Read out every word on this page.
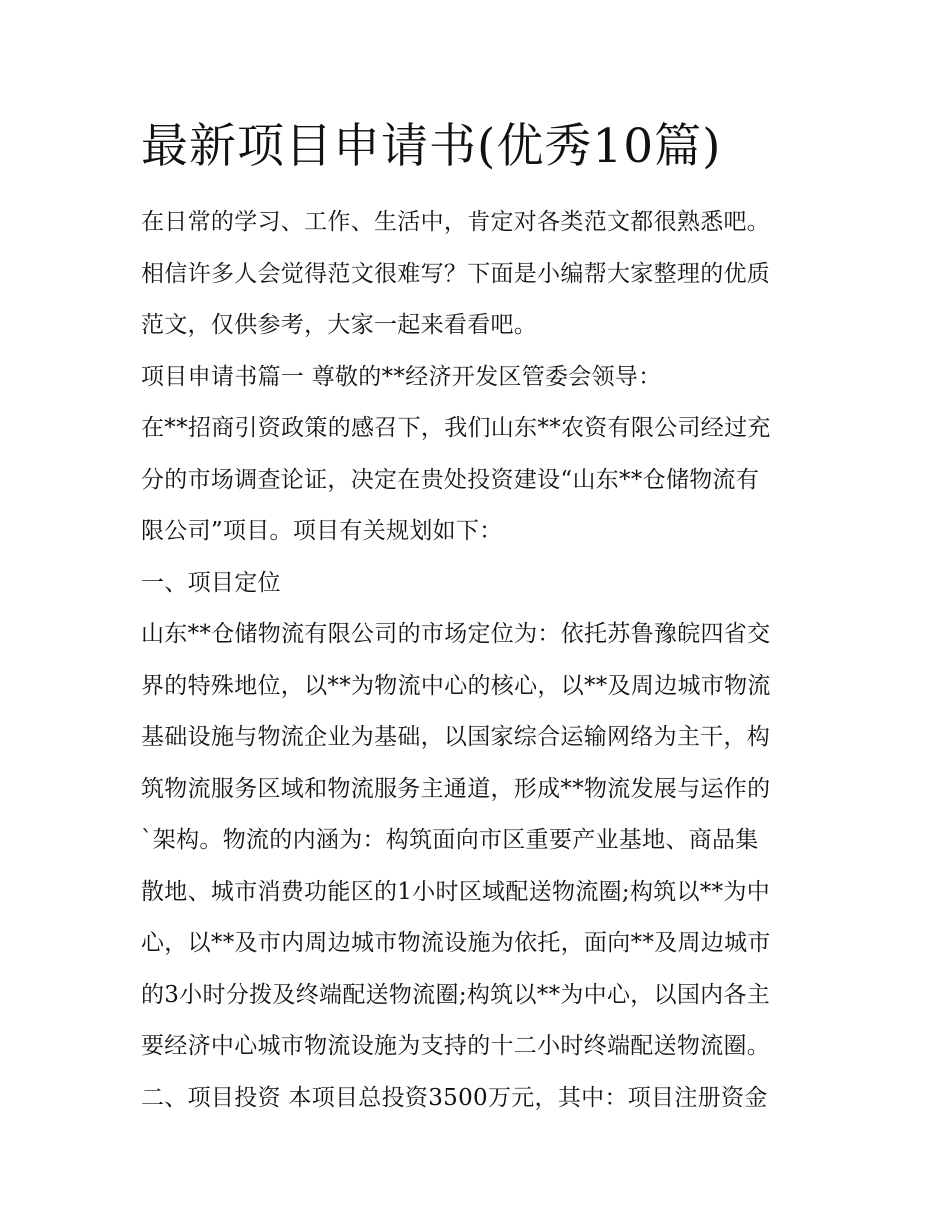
最新项目申请书(优秀10篇)
在日常的学习、工作、生活中，肯定对各类范文都很熟悉吧。
相信许多人会觉得范文很难写？下面是小编帮大家整理的优质
范文，仅供参考，大家一起来看看吧。
项目申请书篇一 尊敬的**经济开发区管委会领导：
在**招商引资政策的感召下，我们山东**农资有限公司经过充
分的市场调查论证，决定在贵处投资建设“山东**仓储物流有
限公司”项目。项目有关规划如下：
一、项目定位
山东**仓储物流有限公司的市场定位为：依托苏鲁豫皖四省交
界的特殊地位，以**为物流中心的核心，以**及周边城市物流
基础设施与物流企业为基础，以国家综合运输网络为主干，构
筑物流服务区域和物流服务主通道，形成**物流发展与运作的
`架构。物流的内涵为：构筑面向市区重要产业基地、商品集
散地、城市消费功能区的1小时区域配送物流圈;构筑以**为中
心，以**及市内周边城市物流设施为依托，面向**及周边城市
的3小时分拨及终端配送物流圈;构筑以**为中心，以国内各主
要经济中心城市物流设施为支持的十二小时终端配送物流圈。
二、项目投资 本项目总投资3500万元，其中：项目注册资金
